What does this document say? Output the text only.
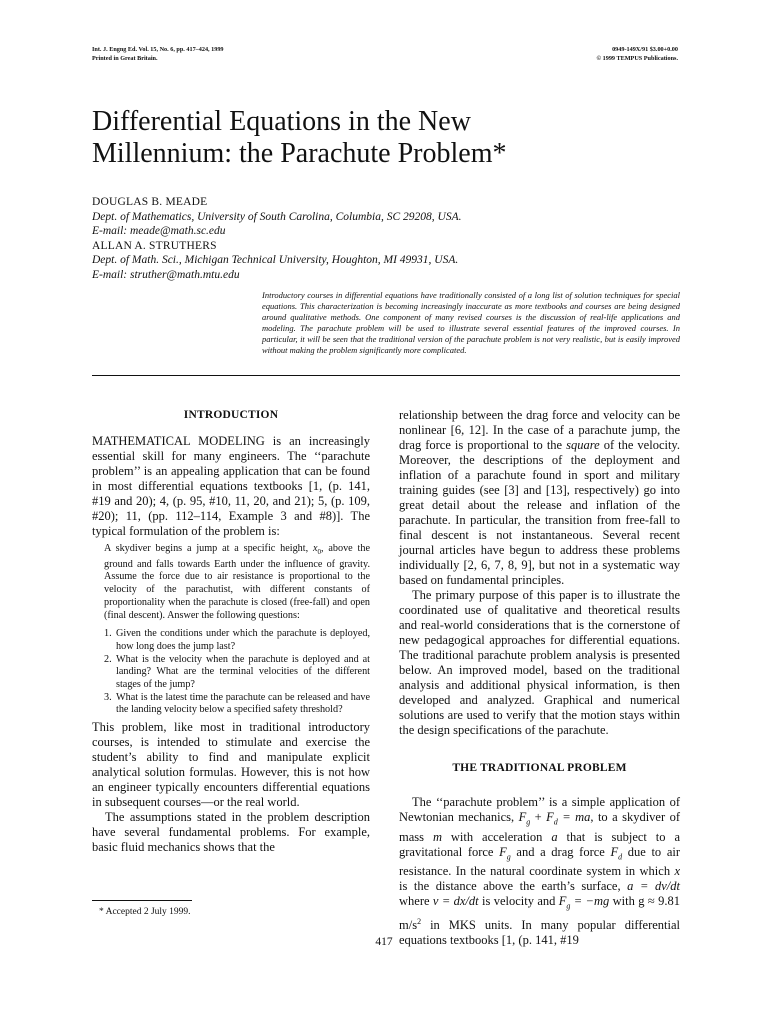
Int. J. Engng Ed. Vol. 15, No. 6, pp. 417–424, 1999
Printed in Great Britain.
0949-149X/91 $3.00+0.00
© 1999 TEMPUS Publications.
Differential Equations in the New
Millennium: the Parachute Problem*
DOUGLAS B. MEADE
Dept. of Mathematics, University of South Carolina, Columbia, SC 29208, USA.
E-mail: meade@math.sc.edu
ALLAN A. STRUTHERS
Dept. of Math. Sci., Michigan Technical University, Houghton, MI 49931, USA.
E-mail: struther@math.mtu.edu
Introductory courses in differential equations have traditionally consisted of a long list of solution techniques for special equations. This characterization is becoming increasingly inaccurate as more textbooks and courses are being designed around qualitative methods. One component of many revised courses is the discussion of real-life applications and modeling. The parachute problem will be used to illustrate several essential features of the improved courses. In particular, it will be seen that the traditional version of the parachute problem is not very realistic, but is easily improved without making the problem significantly more complicated.
INTRODUCTION

MATHEMATICAL MODELING is an increasingly essential skill for many engineers. The ‘‘parachute problem’’ is an appealing application that can be found in most differential equations textbooks [1, (p. 141, #19 and 20); 4, (p. 95, #10, 11, 20, and 21); 5, (p. 109, #20); 11, (pp. 112–114, Example 3 and #8)]. The typical formulation of the problem is:

A skydiver begins a jump at a specific height, $x_0$, above the ground and falls towards Earth under the influence of gravity. Assume the force due to air resistance is proportional to the velocity of the parachutist, with different constants of proportionality when the parachute is closed (free-fall) and open (final descent). Answer the following questions:
1. Given the conditions under which the parachute is deployed, how long does the jump last?
2. What is the velocity when the parachute is deployed and at landing? What are the terminal velocities of the different stages of the jump?
3. What is the latest time the parachute can be released and have the landing velocity below a specified safety threshold?

This problem, like most in traditional introductory courses, is intended to stimulate and exercise the student’s ability to find and manipulate explicit analytical solution formulas. However, this is not how an engineer typically encounters differential equations in subsequent courses—or the real world.

The assumptions stated in the problem description have several fundamental problems. For example, basic fluid mechanics shows that the

relationship between the drag force and velocity can be nonlinear [6, 12]. In the case of a parachute jump, the drag force is proportional to the square of the velocity. Moreover, the descriptions of the deployment and inflation of a parachute found in sport and military training guides (see [3] and [13], respectively) go into great detail about the release and inflation of the parachute. In particular, the transition from free-fall to final descent is not instantaneous. Several recent journal articles have begun to address these problems individually [2, 6, 7, 8, 9], but not in a systematic way based on fundamental principles.

The primary purpose of this paper is to illustrate the coordinated use of qualitative and theoretical results and real-world considerations that is the cornerstone of new pedagogical approaches for differential equations. The traditional parachute problem analysis is presented below. An improved model, based on the traditional analysis and additional physical information, is then developed and analyzed. Graphical and numerical solutions are used to verify that the motion stays within the design specifications of the parachute.

THE TRADITIONAL PROBLEM

The ‘‘parachute problem’’ is a simple application of Newtonian mechanics, $F_g + F_d$ = ma, to a skydiver of mass m with acceleration a that is subject to a gravitational force $F_g$ and a drag force $F_d$ due to air resistance. In the natural coordinate system in which x is the distance above the earth’s surface, a = dv/dt where v = dx/dt is velocity and $F_g = -mg$ with g ≈ 9.81 $m/s^2$ in MKS units. In many popular differential equations textbooks [1, (p. 141, #19

* Accepted 2 July 1999.
417
